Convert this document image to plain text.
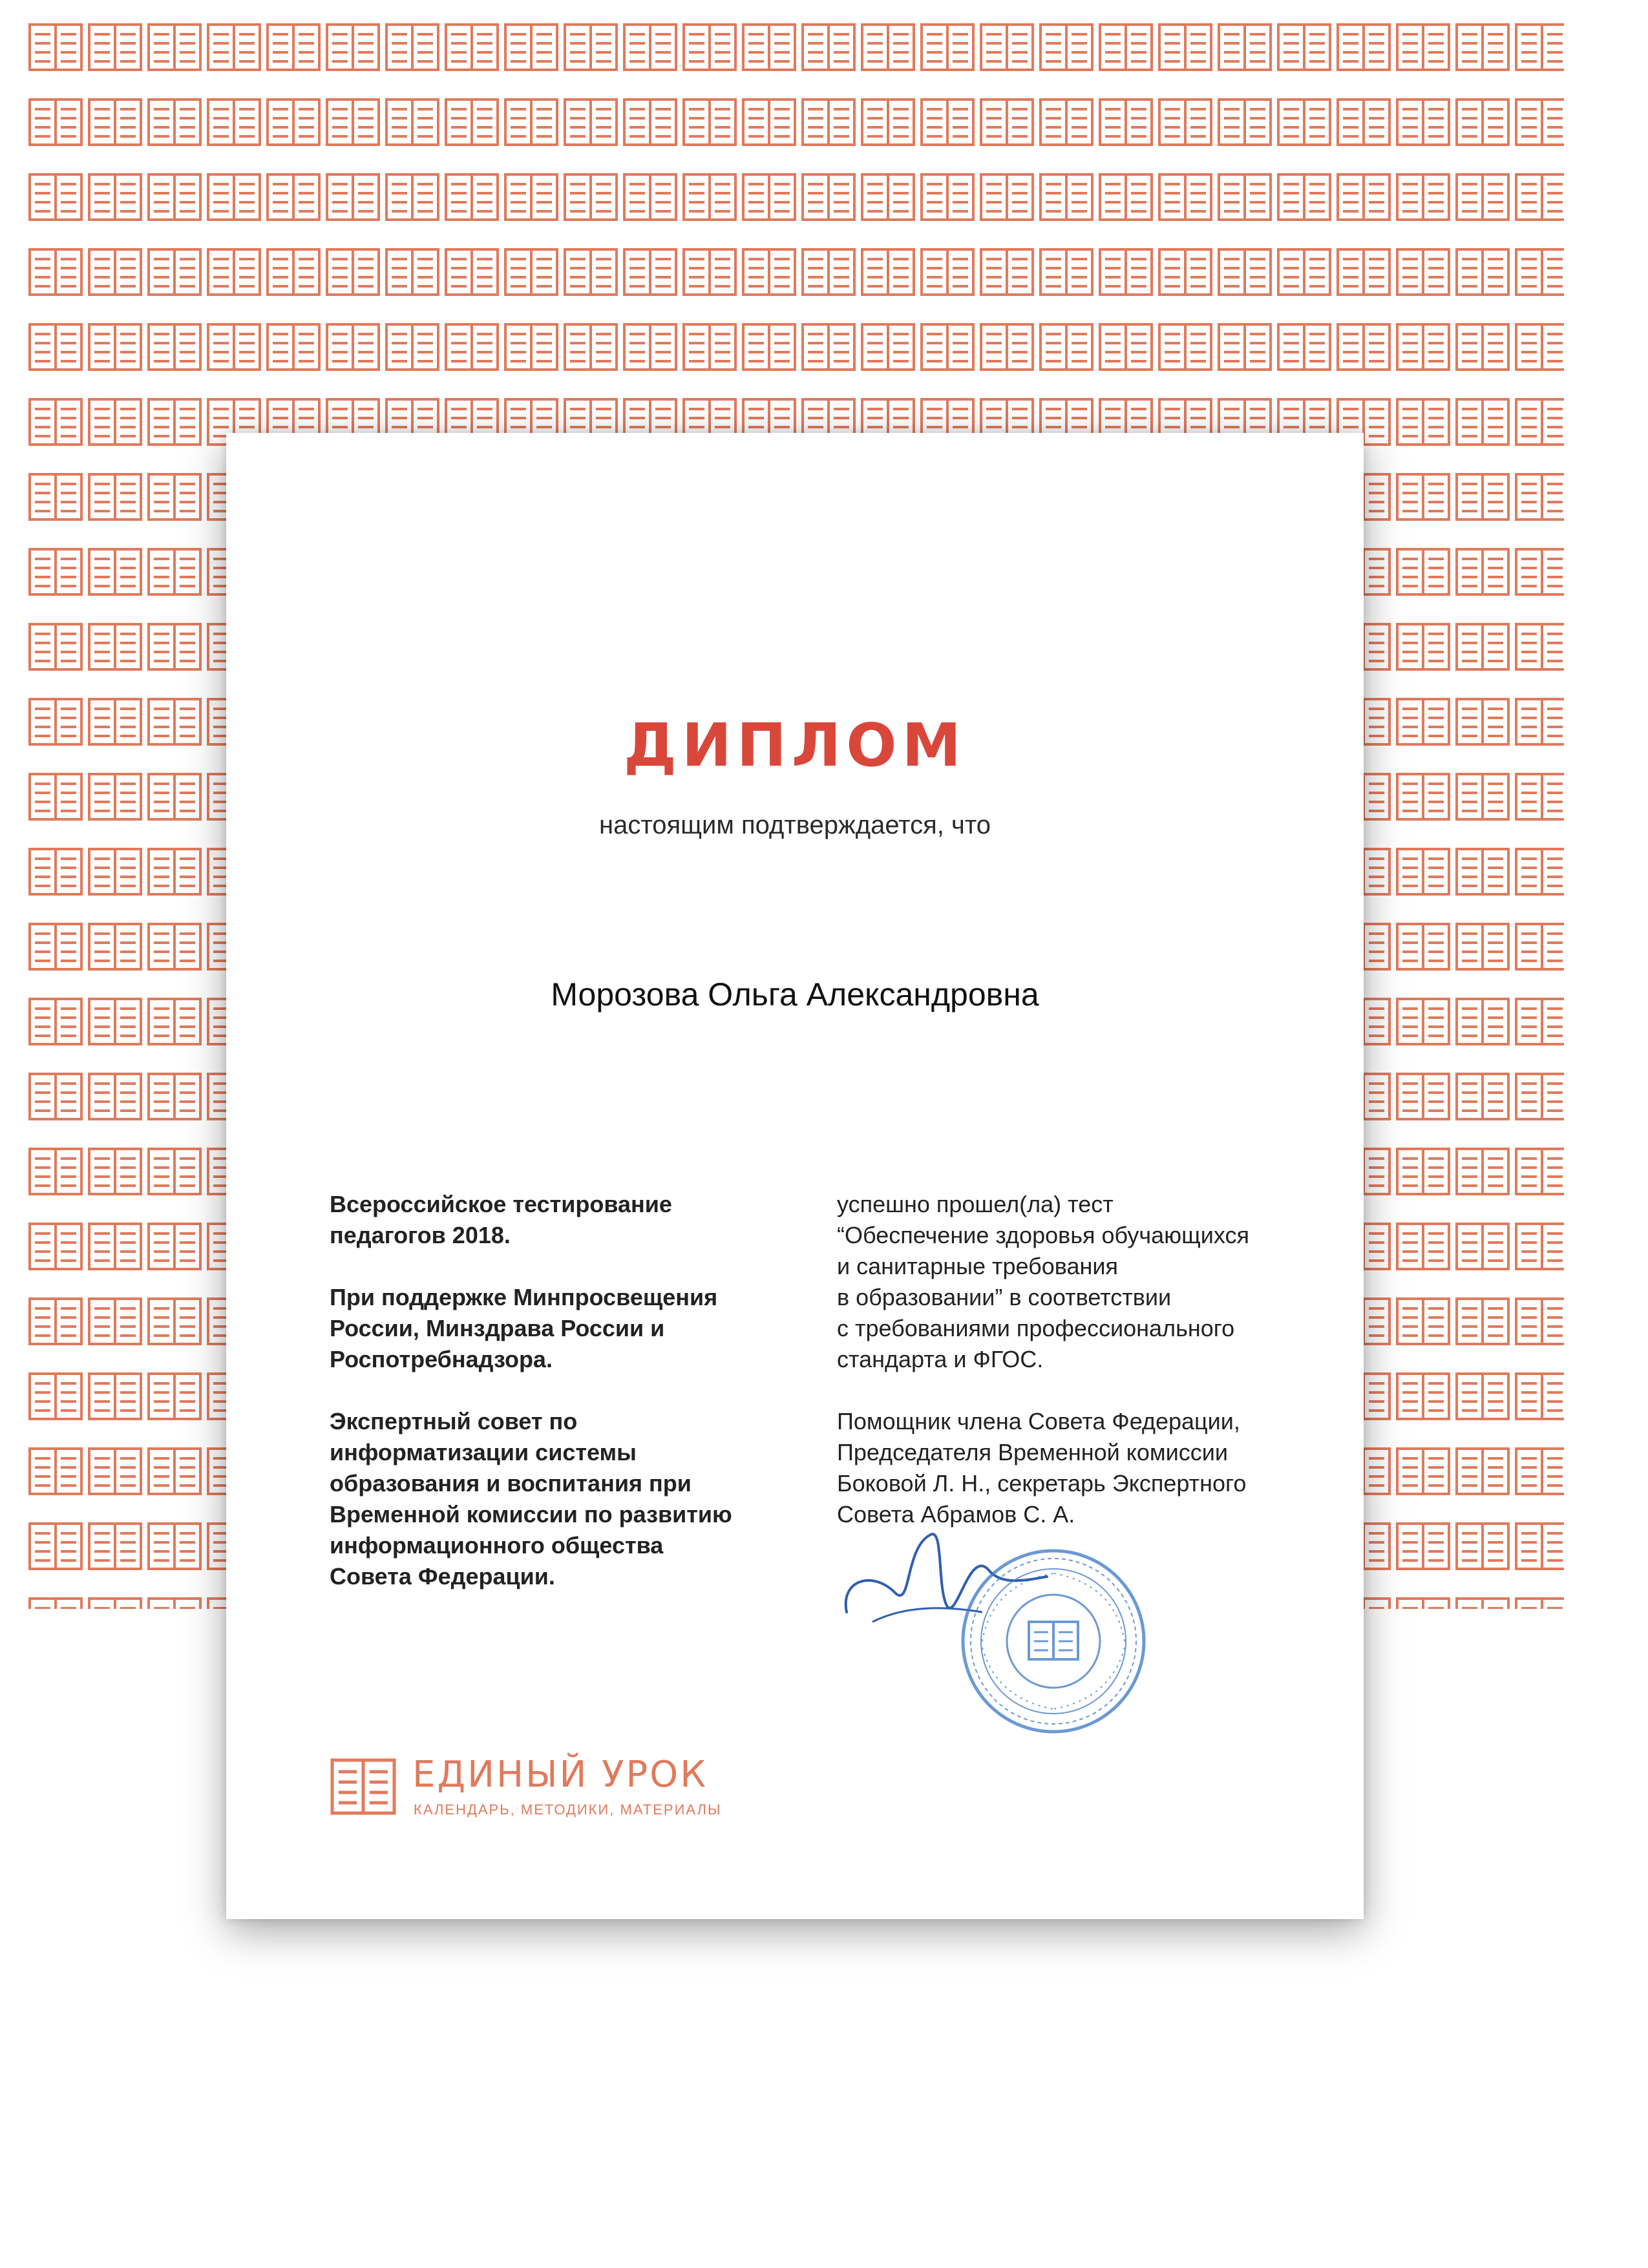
ДИПЛОМ
настоящим подтверждается, что
Морозова Ольга Александровна

Всероссийское тестирование
педагогов 2018.

При поддержке Минпросвещения
России, Минздрава России и
Роспотребнадзора.

Экспертный совет по
информатизации системы
образования и воспитания при
Временной комиссии по развитию
информационного общества
Совета Федерации.

успешно прошел(ла) тест
“Обеспечение здоровья обучающихся
и санитарные требования
в образовании” в соответствии
с требованиями профессионального
стандарта и ФГОС.

Помощник члена Совета Федерации,
Председателя Временной комиссии
Боковой Л. Н., секретарь Экспертного
Совета Абрамов С. А.

ЕДИНЫЙ УРОК
КАЛЕНДАРЬ, МЕТОДИКИ, МАТЕРИАЛЫ
